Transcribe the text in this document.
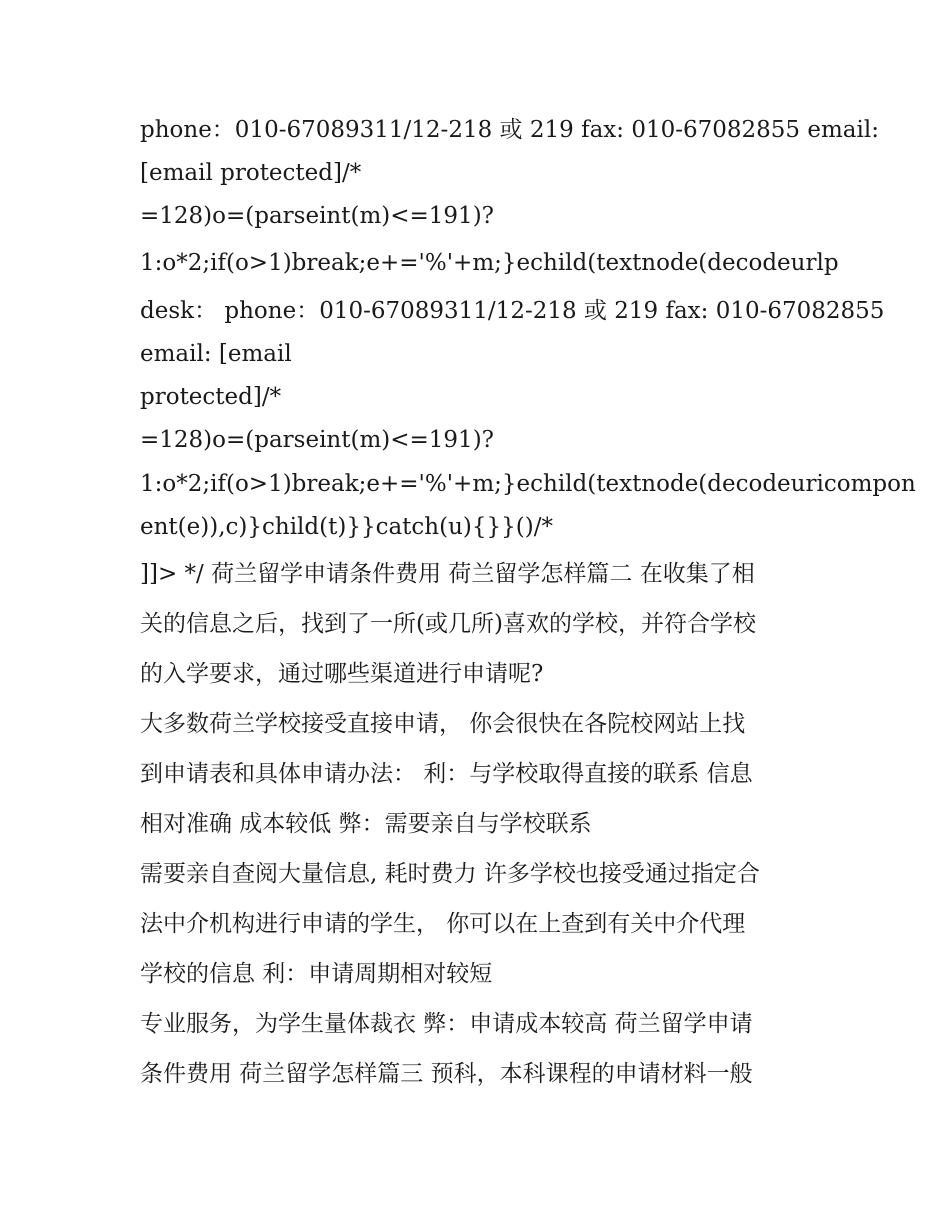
phone：010-67089311/12-218 或 219 fax: 010-67082855 email:
[email protected]/*
=128)o=(parseint(m)<=191)?
1:o*2;if(o>1)break;e+='%'+m;}echild(textnode(decodeurlp
desk： phone：010-67089311/12-218 或 219 fax: 010-67082855
email: [email
protected]/*
=128)o=(parseint(m)<=191)?
1:o*2;if(o>1)break;e+='%'+m;}echild(textnode(decodeuricompon
ent(e)),c)}child(t)}}catch(u){}}()/*
]]> */ 荷兰留学申请条件费用 荷兰留学怎样篇二 在收集了相
关的信息之后，找到了一所(或几所)喜欢的学校，并符合学校
的入学要求，通过哪些渠道进行申请呢?
大多数荷兰学校接受直接申请， 你会很快在各院校网站上找
到申请表和具体申请办法： 利：与学校取得直接的联系 信息
相对准确 成本较低 弊：需要亲自与学校联系
需要亲自查阅大量信息, 耗时费力 许多学校也接受通过指定合
法中介机构进行申请的学生， 你可以在上查到有关中介代理
学校的信息 利：申请周期相对较短
专业服务，为学生量体裁衣 弊：申请成本较高 荷兰留学申请
条件费用 荷兰留学怎样篇三 预科，本科课程的申请材料一般
